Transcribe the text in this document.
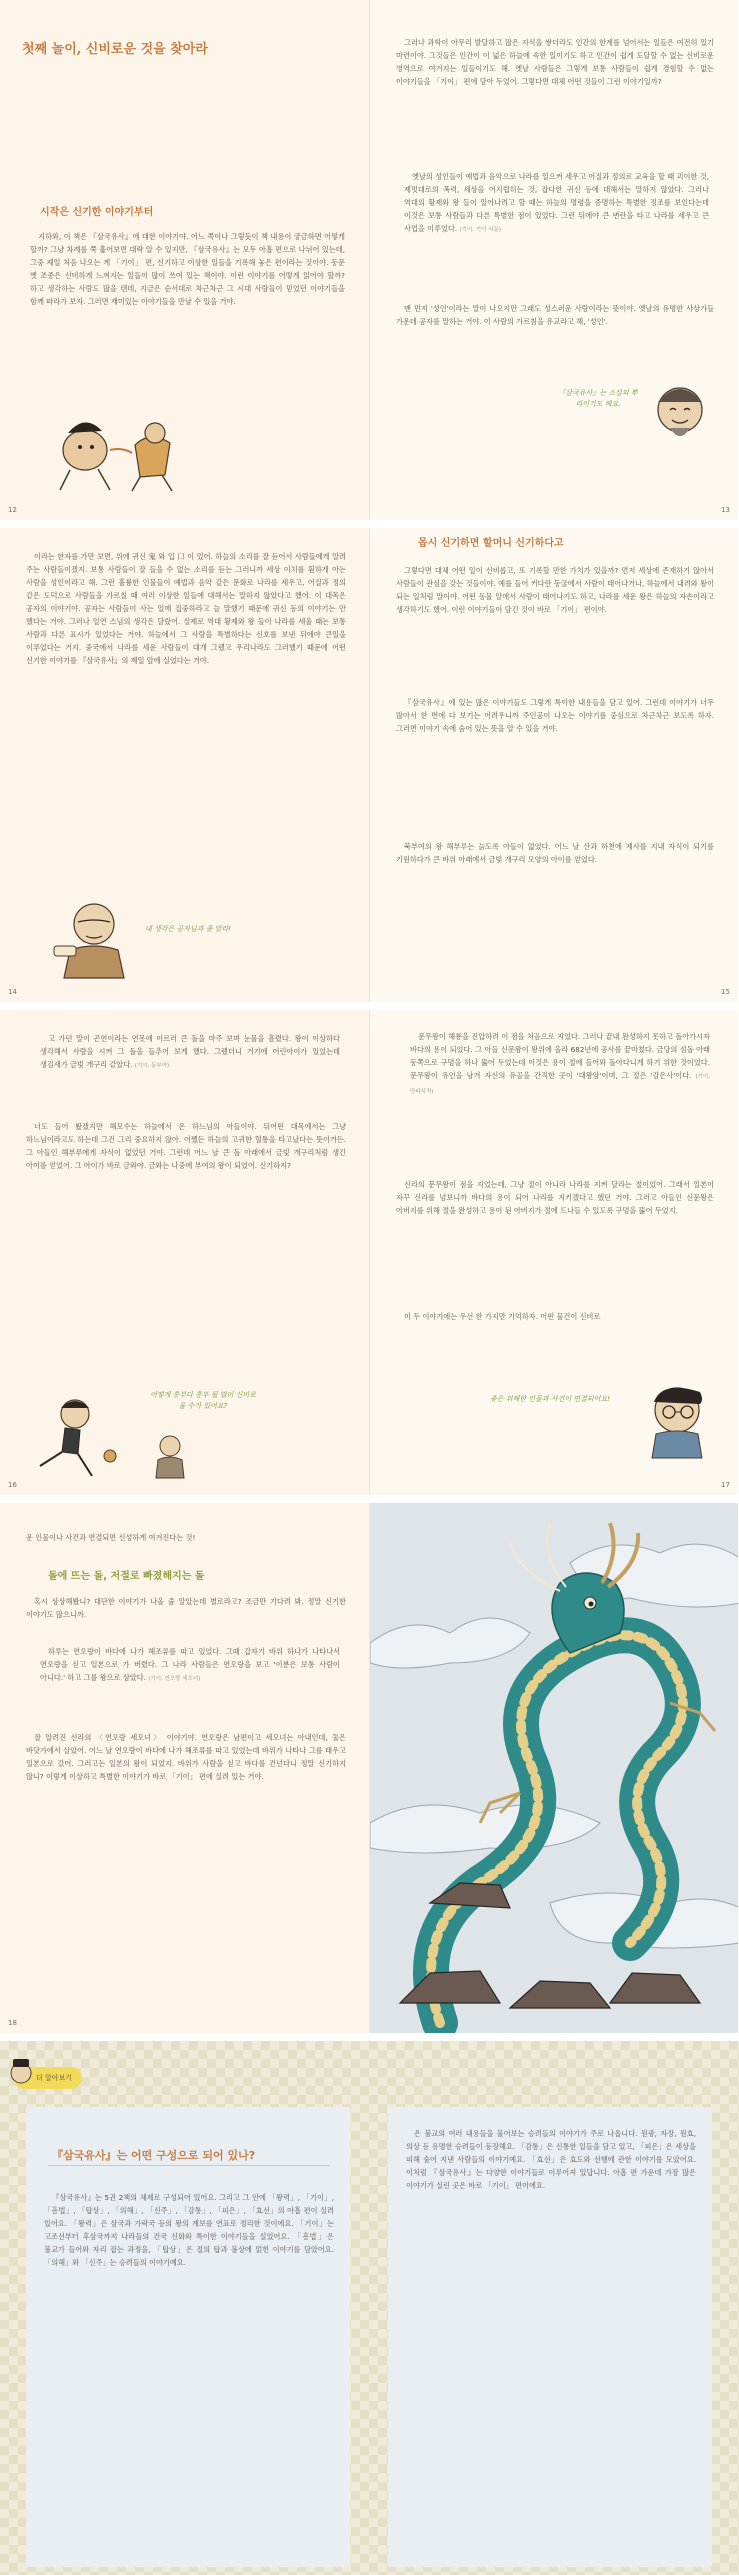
첫째 놀이, 신비로운 것을 찾아라
시작은 신기한 이야기부터
지하와, 이 책은 『삼국유사』에 대한 이야기야. 어느 쪽이나 그렇듯이 책 내용이 궁금하면 어떻게 할까? 그냥 차례를 쭉 훑어보면 대략 알 수 있지만, 『삼국유사』는 모두 아홉 편으로 나뉘어 있는데, 그중 제일 처음 나오는 게 「기이」 편, 신기하고 이상한 일들을 기록해 놓은 편이라는 것이야. 동문 옛 조종은 신비하게 느껴지는 일들이 많이 쓰여 있는 책이야. 이런 이야기를 어떻게 읽어야 할까? 하고 생각하는 사람도 많을 텐데, 지금은 순서대로 차근차근 그 시대 사람들이 믿었던 이야기들을 함께 따라가 보자. 그러면 재미있는 이야기들을 만날 수 있을 거야.
12
그러나 과학이 아무리 발달하고 많은 지식을 쌓더라도 인간의 한계를 넘어서는 일들은 여전히 있기 마련이야. 그것들은 인간이 이 넓은 하늘에 속한 일이기도 하고 인간이 쉽게 도달할 수 없는 신비로운 영역으로 여겨지는 일들이기도 해. 옛날 사람들은 그렇게 보통 사람들이 쉽게 경험할 수 없는 이야기들을 「기이」 편에 담아 두었어. 그렇다면 대체 어떤 것들이 그런 이야기일까?
옛날의 성인들이 예법과 음악으로 나라를 일으켜 세우고 어질과 정의로 교육을 할 때 괴이한 것, 제멋대로의 폭력, 세상을 어지럽히는 것, 잡다한 귀신 등에 대해서는 말하지 않았다. 그러나 역대의 황제와 왕 들이 일어나려고 할 때는 하늘의 명령을 증명하는 특별한 징조를 보인다는데 이것은 보통 사람들과 다른 특별한 점이 있었다. 그런 뒤에야 큰 변란을 타고 나라를 세우고 큰 사업을 이루었다. (기이, 기이 서문)
맨 먼저 '성인'이라는 말이 나오지만 그래도 성스러운 사람이라는 뜻이야. 옛날의 유명한 사상가들 가운데 공자를 말하는 거야. 이 사람의 가르침을 유교라고 해, '성인'.
『삼국유사』는 소설의 뿌리이기도 해요.
13
이라는 한자를 가만 보면, 위에 귀신 鬼 와 입 口 이 있어. 하늘의 소리를 잘 듣어서 사람들에게 알려 주는 사람들이겠지. 보통 사람들이 잘 들을 수 없는 소리를 듣는 그러니까 세상 이치를 훤하게 아는 사람을 성인이라고 해. 그런 훌륭한 인물들이 예법과 음악 같은 문화로 나라를 세우고, 어질과 정의 같은 도덕으로 사람들을 가르칠 때 여러 이상한 일들에 대해서는 말하지 않았다고 했어. 이 대목은 공자의 이야기야. 공자는 사람들이 사는 일에 집중하라고 늘 말했기 때문에 귀신 등의 이야기는 안 했다는 거야. 그러나 일연 스님의 생각은 달랐어. 실제로 역대 황제와 왕 들이 나라를 세울 때는 보통 사람과 다른 표시가 있었다는 거야. 하늘에서 그 사람을 특별하다는 신호를 보낸 뒤에야 큰일을 이루었다는 거지. 중국에서 나라를 세운 사람들이 대개 그랬고 우리나라도 그러했기 때문에 어떤 신기한 이야기를 『삼국유사』의 제일 앞에 실었다는 거야.
내 생각은 공자님과 좀 달라!
14
몹시 신기하면 할머니 신기하다고
그렇다면 대체 어떤 일이 신비롭고, 또 기록할 만한 가치가 있을까? 먼저 세상에 존재하기 않아서 사람들이 관심을 갖는 것들이야. 예를 들어 커다란 동굴에서 사람이 태어나거나, 하늘에서 내려와 왕이 되는 일처럼 말이야. 어떤 동물 알에서 사람이 태어나기도 하고, 나라를 세운 왕은 하늘의 자손이라고 생각하기도 했어. 이런 이야기들이 담긴 것이 바로 「기이」 편이야.
『삼국유사』에 있는 많은 이야기들도 그렇게 특이한 내용들을 담고 있어. 그런데 이야기가 너무 많아서 한 번에 다 보기는 어려우니까 주인공이 나오는 이야기를 중심으로 차근차근 보도록 하자. 그러면 이야기 속에 숨어 있는 뜻을 알 수 있을 거야.
북부여의 왕 해부루는 늙도록 아들이 없었다. 어느 날 산과 하천에 제사를 지내 자식이 되기를 기원하다가 큰 바위 아래에서 금빛 개구리 모양의 아이를 얻었다.
15
고 가던 말이 곤연이라는 연못에 이르러 큰 돌을 마주 보며 눈물을 흘렸다. 왕이 이상하다 생각해서 사람을 시켜 그 돌을 들추어 보게 했다. 그랬더니 거기에 어린아이가 있었는데 생김새가 금빛 개구리 같았다. (기이, 동부여)
너도 들어 봤겠지만 해모수는 하늘에서 온 하느님의 아들이야. 뒤어떤 대목에서는 그냥 하느님이라고도 하는데 그건 그리 중요하지 않아. 어쨌든 하늘의 고귀한 혈통을 타고났다는 뜻이거든. 그 아들인 해부루에게 자식이 없었던 거야. 그런데 어느 날 큰 돌 아래에서 금빛 개구리처럼 생긴 아이를 얻었어. 그 아이가 바로 금와야. 금와는 나중에 부여의 왕이 되었어. 신기하지?
어떻게 흥부다 흥부 될 말이 신비로울 수가 있어요?
16
문무왕이 해룡을 진압하려 이 점을 처음으로 지었다. 그러나 끝내 완성하지 못하고 돌아가시자 바다의 용이 되었다. 그 아들 신문왕이 왕위에 올라 682년에 공사를 끝마쳤다. 금당의 섬돌 아래 동쪽으로 구멍을 하나 뚫어 두었는데 이것은 용이 절에 들어와 돌아다니게 하기 위한 것이었다. 문무왕이 유언을 남겨 자신의 유골을 간직한 곳이 '대왕암'이며, 그 절은 '감은사'이다. (기이, 만파식적)
신라의 문무왕이 점을 지었는데, 그냥 절이 아니라 나라를 지켜 달라는 절이었어. 그래서 일본이 자꾸 신라를 넘보니까 바다의 용이 되어 나라를 지키겠다고 했던 거야. 그러고 아들인 신문왕은 아버지를 위해 절을 완성하고 용이 된 아버지가 절에 드나들 수 있도록 구멍을 뚫어 두었지.
이 두 이야기에는 우선 한 가지만 기억하자. 어떤 물건이 신비로
좋은 위해한 인물과 사건이 연결되어요!
17
운 인물이나 사건과 연결되면 신성하게 여겨진다는 것!
돌에 뜨는 돌, 저절로 빠졌해지는 돌
혹시 상상해봤니? 대단한 이야기가 나올 줄 알았는데 별로라고? 조금만 기다려 봐. 정말 신기한 이야기도 많으니까.
하루는 연오랑이 바다에 나가 해조류를 따고 있었다. 그때 갑자기 바위 하나가 나타나서 연오랑을 싣고 일본으로 가 버렸다. 그 나라 사람들은 연오랑을 보고 '이분은 보통 사람이 아니다.' 하고 그를 왕으로 삼았다. (기이, 연오랑 세오녀)
잘 알려진 신라의 〈연오랑 세오녀〉 이야기야. 연오랑은 남편이고 세오녀는 아내인데, 둘은 바닷가에서 살았어. 어느 날 연오랑이 바다에 나가 해조류를 따고 있었는데 바위가 나타나 그를 태우고 일본으로 갔어. 그러고는 일본의 왕이 되었지. 바위가 사람을 싣고 바다를 건넌다니 정말 신기하지 않니? 이렇게 이상하고 특별한 이야기가 바로 「기이」 편에 실려 있는 거야.
18
더 알아보기
『삼국유사』는 어떤 구성으로 되어 있나?
『삼국유사』는 5권 2책의 체제로 구성되어 있어요. 그리고 그 안에 「왕력」, 「기이」, 「흥법」, 「탑상」, 「의해」, 「신주」, 「감통」, 「피은」, 「효선」의 아홉 편이 실려 있어요. 「왕력」은 삼국과 가락국 등의 왕의 계보를 연표로 정리한 것이에요. 「기이」는 고조선부터 후삼국까지 나라들의 건국 신화와 특이한 이야기들을 실었어요. 「흥법」은 불교가 들어와 자리 잡는 과정을, 「탑상」은 절의 탑과 불상에 얽힌 이야기를 담았어요. 「의해」와 「신주」는 승려들의 이야기예요.
은 불교의 여러 내용들을 물어보는 승려들의 이야기가 주로 나옵니다. 원광, 자장, 원효, 의상 등 유명한 승려들이 등장해요. 「감통」은 신통한 일들을 담고 있고, 「피은」은 세상을 피해 숨어 지낸 사람들의 이야기예요. 「효선」은 효도와 선행에 관한 이야기를 모았어요. 이처럼 『삼국유사』는 다양한 이야기들로 이루어져 있답니다. 아홉 편 가운데 가장 많은 이야기가 실린 곳은 바로 「기이」 편이에요.
